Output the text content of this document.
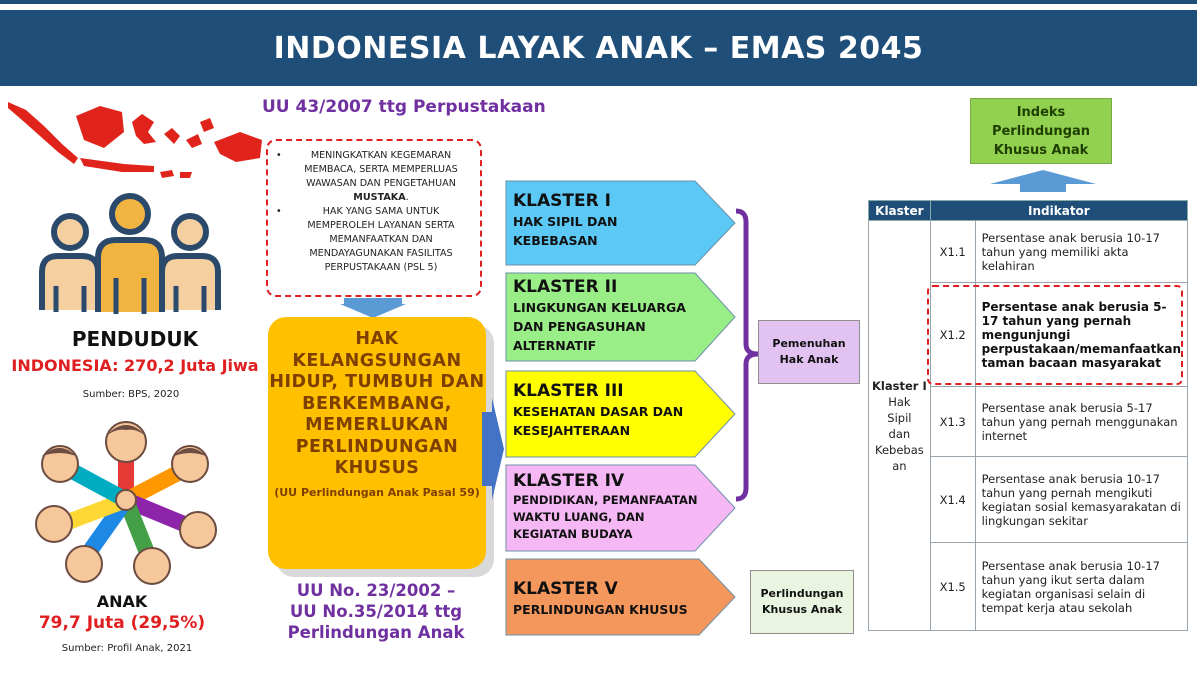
INDONESIA LAYAK ANAK – EMAS 2045
PENDUDUK
INDONESIA: 270,2 Juta Jiwa
Sumber: BPS, 2020
ANAK
79,7 Juta (29,5%)
Sumber: Profil Anak, 2021
UU 43/2007 ttg Perpustakaan
• MENINGKATKAN KEGEMARAN MEMBACA, SERTA MEMPERLUAS WAWASAN DAN PENGETAHUAN MUSTAKA.
• HAK YANG SAMA UNTUK MEMPEROLEH LAYANAN SERTA MEMANFAATKAN DAN MENDAYAGUNAKAN FASILITAS PERPUSTAKAAN (PSL 5)
HAK KELANGSUNGAN HIDUP, TUMBUH DAN BERKEMBANG, MEMERLUKAN PERLINDUNGAN KHUSUS
(UU Perlindungan Anak Pasal 59)
UU No. 23/2002 – UU No.35/2014 ttg Perlindungan Anak
KLASTER I
HAK SIPIL DAN KEBEBASAN
KLASTER II
LINGKUNGAN KELUARGA DAN PENGASUHAN ALTERNATIF
KLASTER III
KESEHATAN DASAR DAN KESEJAHTERAAN
KLASTER IV
PENDIDIKAN, PEMANFAATAN WAKTU LUANG, DAN KEGIATAN BUDAYA
KLASTER V
PERLINDUNGAN KHUSUS
Pemenuhan Hak Anak
Perlindungan Khusus Anak
Indeks Perlindungan Khusus Anak
Klaster	Indikator	

Klaster I
Hak Sipil dan Kebebas an	X1.1	Persentase anak berusia 10-17 tahun yang memiliki akta kelahiran
	X1.2	Persentase anak berusia 5-17 tahun yang pernah mengunjungi perpustakaan/memanfaatkan taman bacaan masyarakat
	X1.3	Persentase anak berusia 5-17 tahun yang pernah menggunakan internet
	X1.4	Persentase anak berusia 10-17 tahun yang pernah mengikuti kegiatan sosial kemasyarakatan di lingkungan sekitar
	X1.5	Persentase anak berusia 10-17 tahun yang ikut serta dalam kegiatan organisasi selain di tempat kerja atau sekolah
